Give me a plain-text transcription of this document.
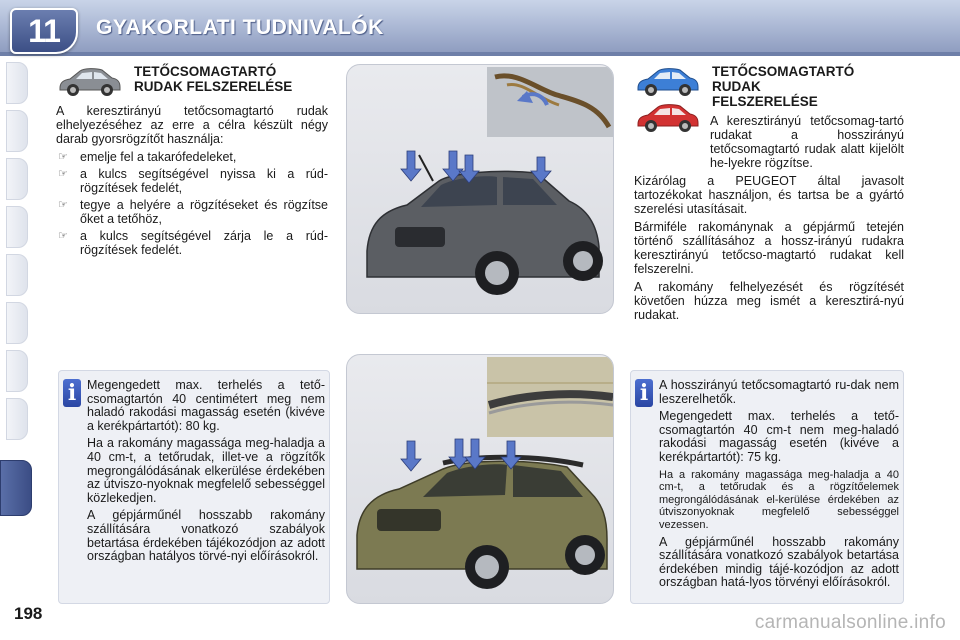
11	GYAKORLATI TUDNIVALÓK
TETŐCSOMAGTARTÓ
RUDAK FELSZERELÉSE

A keresztirányú tetőcsomagtartó rudak elhelyezéséhez az erre a célra készült négy darab gyorsrögzítőt használja:

☞ emelje fel a takarófedeleket,
☞ a kulcs segítségével nyissa ki a rúd-rögzítések fedelét,
☞ tegye a helyére a rögzítéseket és rögzítse őket a tetőhöz,
☞ a kulcs segítségével zárja le a rúd-rögzítések fedelét.
TETŐCSOMAGTARTÓ
RUDAK
FELSZERELÉSE

A keresztirányú tetőcsomag-tartó rudakat a hosszirányú tetőcsomagtartó rudak alatt kijelölt he-lyekre rögzítse.

Kizárólag a PEUGEOT által javasolt tartozékokat használjon, és tartsa be a gyártó szerelési utasításait.

Bármiféle rakománynak a gépjármű tetején történő szállításához a hossz-irányú rudakra keresztirányú tetőcso-magtartó rudakat kell felszerelni.

A rakomány felhelyezését és rögzítését követően húzza meg ismét a keresztirá-nyú rudakat.

i Megengedett max. terhelés a tető-csomagtartón 40 centimétert meg nem haladó rakodási magasság esetén (kivéve a kerékpártartót): 80 kg.

Ha a rakomány magassága meg-haladja a 40 cm-t, a tetőrudak, illet-ve a rögzítők megrongálódásának elkerülése érdekében az útviszo-nyoknak megfelelő sebességgel közlekedjen.

A gépjárműnél hosszabb rakomány szállítására vonatkozó szabályok betartása érdekében tájékozódjon az adott országban hatályos törvé-nyi előírásokról.

i A hosszirányú tetőcsomagtartó ru-dak nem leszerelhetők.

Megengedett max. terhelés a tető-csomagtartón 40 cm-t nem meg-haladó rakodási magasság esetén (kivéve a kerékpártartót): 75 kg.

Ha a rakomány magassága meg-haladja a 40 cm-t, a tetőrudak és a rögzítőelemek megrongálódásának el-kerülése érdekében az útviszonyoknak megfelelő sebességgel vezessen.

A gépjárműnél hosszabb rakomány szállítására vonatkozó szabályok betartása érdekében mindig tájé-kozódjon az adott országban hatá-lyos törvényi előírásokról.

198	carmanualsonline.info
